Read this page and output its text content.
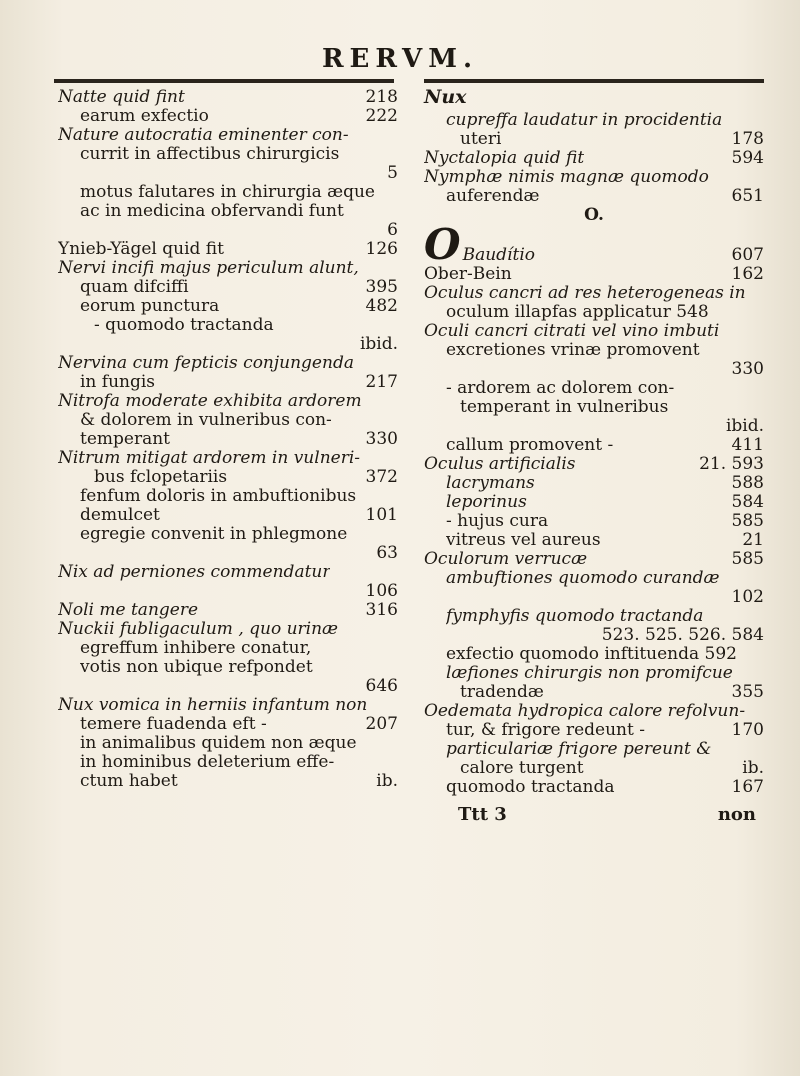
RERVM.
Natte quid fint	218
earum exfectio	222
Nature autocratia eminenter con-
currit in affectibus chirurgicis
5
motus falutares in chirurgia æque
ac in medicina obfervandi funt
6
Ynieb-Yägel quid fit	126
Nervi incifi majus periculum alunt,
quam difciffi	395
eorum punctura	482
- quomodo tractanda
ibid.
Nervina cum fepticis conjungenda
in fungis	217
Nitrofa moderate exhibita ardorem
& dolorem in vulneribus con-
temperant	330
Nitrum mitigat ardorem in vulneri-
bus fclopetariis	372
fenfum doloris in ambuftionibus
demulcet	101
egregie convenit in phlegmone
63
Nix ad perniones commendatur
106
Noli me tangere	316
Nuckii fubligaculum , quo urinæ
egreffum inhibere conatur,
votis non ubique refpondet
646
Nux vomica in herniis infantum non
temere fuadenda eft -	207
in animalibus quidem non æque
in hominibus deleterium effe-
ctum habet	ib.
Nux
cupreffa laudatur in procidentia
uteri	178
Nyctalopia quid fit	594
Nymphæ nimis magnæ quomodo
auferendæ	651
O.
O Baudítio	607
Ober-Bein	162
Oculus cancri ad res heterogeneas in
oculum illapfas applicatur 548
Oculi cancri citrati vel vino imbuti
excretiones vrinæ promovent
330
- ardorem ac dolorem con-
temperant in vulneribus
ibid.
callum promovent -	411
Oculus artificialis	21. 593
lacrymans	588
leporinus	584
- hujus cura	585
vitreus vel aureus	21
Oculorum verrucæ	585
ambuftiones quomodo curandæ
102
fymphyfis quomodo tractanda
523. 525. 526. 584
exfectio quomodo inftituenda 592
læfiones chirurgis non promifcue
tradendæ	355
Oedemata hydropica calore refolvun-
tur, & frigore redeunt -	170
particulariæ frigore pereunt &
calore turgent	ib.
quomodo tractanda	167
Ttt 3	non
